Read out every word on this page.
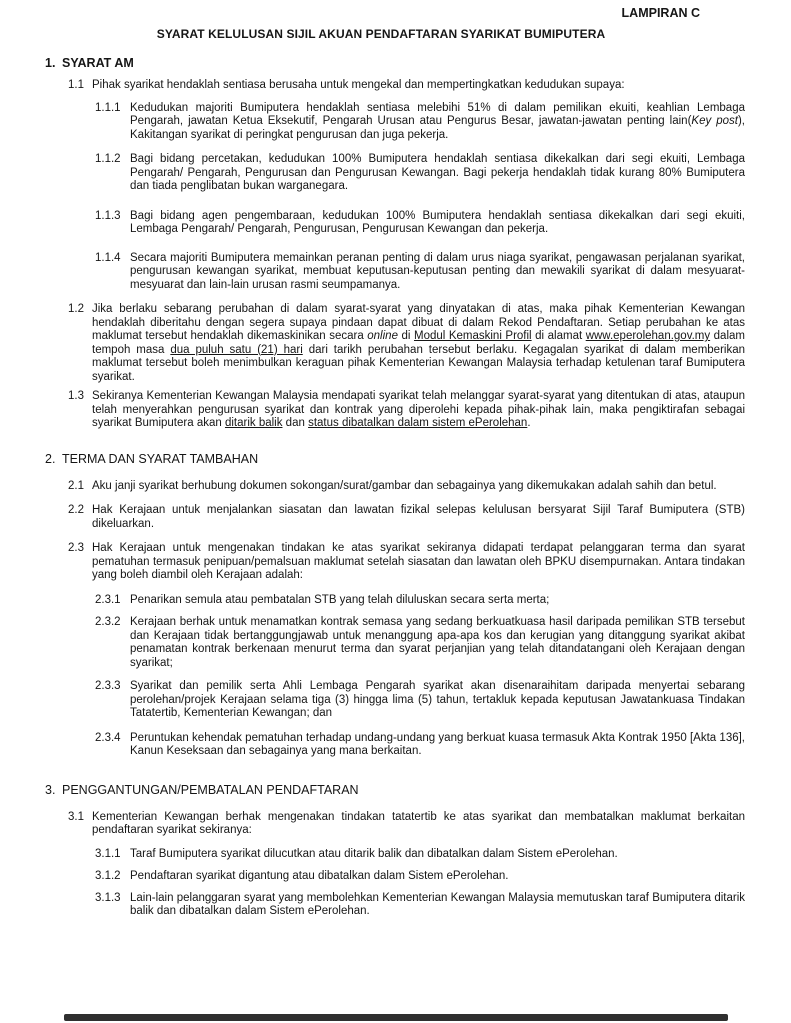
LAMPIRAN C
SYARAT KELULUSAN SIJIL AKUAN PENDAFTARAN SYARIKAT BUMIPUTERA
1. SYARAT AM
1.1 Pihak syarikat hendaklah sentiasa berusaha untuk mengekal dan mempertingkatkan kedudukan supaya:
1.1.1 Kedudukan majoriti Bumiputera hendaklah sentiasa melebihi 51% di dalam pemilikan ekuiti, keahlian Lembaga Pengarah, jawatan Ketua Eksekutif, Pengarah Urusan atau Pengurus Besar, jawatan-jawatan penting lain(Key post), Kakitangan syarikat di peringkat pengurusan dan juga pekerja.
1.1.2 Bagi bidang percetakan, kedudukan 100% Bumiputera hendaklah sentiasa dikekalkan dari segi ekuiti, Lembaga Pengarah/ Pengarah, Pengurusan dan Pengurusan Kewangan. Bagi pekerja hendaklah tidak kurang 80% Bumiputera dan tiada penglibatan bukan warganegara.
1.1.3 Bagi bidang agen pengembaraan, kedudukan 100% Bumiputera hendaklah sentiasa dikekalkan dari segi ekuiti, Lembaga Pengarah/ Pengarah, Pengurusan, Pengurusan Kewangan dan pekerja.
1.1.4 Secara majoriti Bumiputera memainkan peranan penting di dalam urus niaga syarikat, pengawasan perjalanan syarikat, pengurusan kewangan syarikat, membuat keputusan-keputusan penting dan mewakili syarikat di dalam mesyuarat-mesyuarat dan lain-lain urusan rasmi seumpamanya.
1.2 Jika berlaku sebarang perubahan di dalam syarat-syarat yang dinyatakan di atas, maka pihak Kementerian Kewangan hendaklah diberitahu dengan segera supaya pindaan dapat dibuat di dalam Rekod Pendaftaran. Setiap perubahan ke atas maklumat tersebut hendaklah dikemaskinikan secara online di Modul Kemaskini Profil di alamat www.eperolehan.gov.my dalam tempoh masa dua puluh satu (21) hari dari tarikh perubahan tersebut berlaku. Kegagalan syarikat di dalam memberikan maklumat tersebut boleh menimbulkan keraguan pihak Kementerian Kewangan Malaysia terhadap ketulenan taraf Bumiputera syarikat.
1.3 Sekiranya Kementerian Kewangan Malaysia mendapati syarikat telah melanggar syarat-syarat yang ditentukan di atas, ataupun telah menyerahkan pengurusan syarikat dan kontrak yang diperolehi kepada pihak-pihak lain, maka pengiktirafan sebagai syarikat Bumiputera akan ditarik balik dan status dibatalkan dalam sistem ePerolehan.
2. TERMA DAN SYARAT TAMBAHAN
2.1 Aku janji syarikat berhubung dokumen sokongan/surat/gambar dan sebagainya yang dikemukakan adalah sahih dan betul.
2.2 Hak Kerajaan untuk menjalankan siasatan dan lawatan fizikal selepas kelulusan bersyarat Sijil Taraf Bumiputera (STB) dikeluarkan.
2.3 Hak Kerajaan untuk mengenakan tindakan ke atas syarikat sekiranya didapati terdapat pelanggaran terma dan syarat pematuhan termasuk penipuan/pemalsuan maklumat setelah siasatan dan lawatan oleh BPKU disempurnakan. Antara tindakan yang boleh diambil oleh Kerajaan adalah:
2.3.1 Penarikan semula atau pembatalan STB yang telah diluluskan secara serta merta;
2.3.2 Kerajaan berhak untuk menamatkan kontrak semasa yang sedang berkuatkuasa hasil daripada pemilikan STB tersebut dan Kerajaan tidak bertanggungjawab untuk menanggung apa-apa kos dan kerugian yang ditanggung syarikat akibat penamatan kontrak berkenaan menurut terma dan syarat perjanjian yang telah ditandatangani oleh Kerajaan dengan syarikat;
2.3.3 Syarikat dan pemilik serta Ahli Lembaga Pengarah syarikat akan disenaraihitam daripada menyertai sebarang perolehan/projek Kerajaan selama tiga (3) hingga lima (5) tahun, tertakluk kepada keputusan Jawatankuasa Tindakan Tatatertib, Kementerian Kewangan; dan
2.3.4 Peruntukan kehendak pematuhan terhadap undang-undang yang berkuat kuasa termasuk Akta Kontrak 1950 [Akta 136], Kanun Keseksaan dan sebagainya yang mana berkaitan.
3. PENGGANTUNGAN/PEMBATALAN PENDAFTARAN
3.1 Kementerian Kewangan berhak mengenakan tindakan tatatertib ke atas syarikat dan membatalkan maklumat berkaitan pendaftaran syarikat sekiranya:
3.1.1 Taraf Bumiputera syarikat dilucutkan atau ditarik balik dan dibatalkan dalam Sistem ePerolehan.
3.1.2 Pendaftaran syarikat digantung atau dibatalkan dalam Sistem ePerolehan.
3.1.3 Lain-lain pelanggaran syarat yang membolehkan Kementerian Kewangan Malaysia memutuskan taraf Bumiputera ditarik balik dan dibatalkan dalam Sistem ePerolehan.
